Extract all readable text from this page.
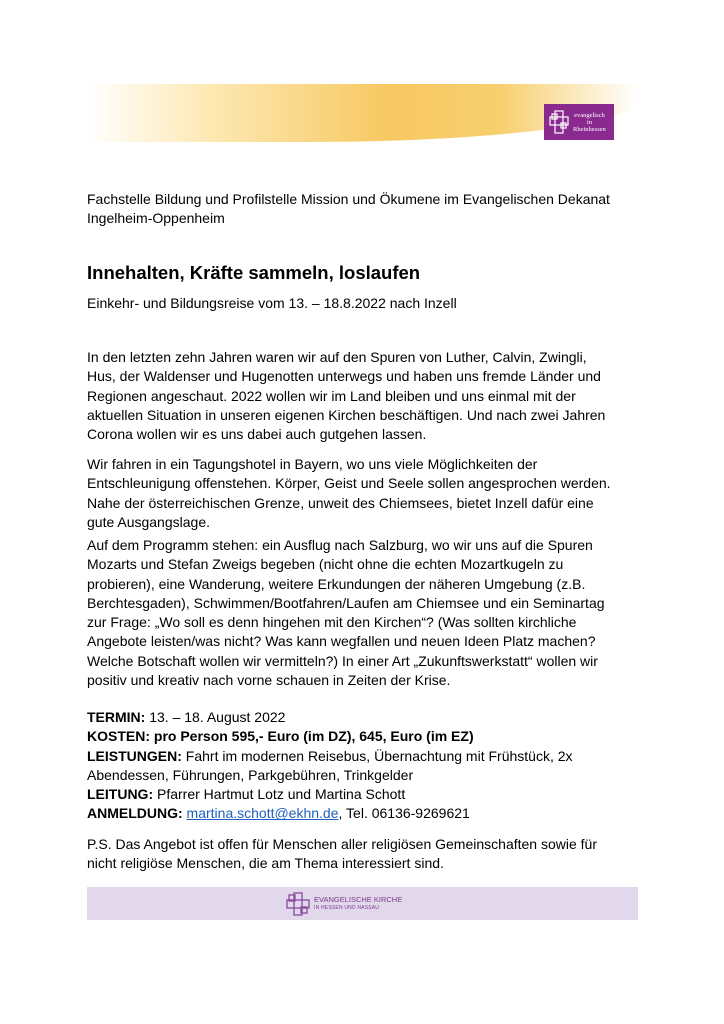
evangelisch
in
Rheinhessen
Fachstelle Bildung und Profilstelle Mission und Ökumene im Evangelischen Dekanat
Ingelheim-Oppenheim
Innehalten, Kräfte sammeln, loslaufen
Einkehr- und Bildungsreise vom 13. – 18.8.2022 nach Inzell
In den letzten zehn Jahren waren wir auf den Spuren von Luther, Calvin, Zwingli,
Hus, der Waldenser und Hugenotten unterwegs und haben uns fremde Länder und
Regionen angeschaut. 2022 wollen wir im Land bleiben und uns einmal mit der
aktuellen Situation in unseren eigenen Kirchen beschäftigen. Und nach zwei Jahren
Corona wollen wir es uns dabei auch gutgehen lassen.
Wir fahren in ein Tagungshotel in Bayern, wo uns viele Möglichkeiten der
Entschleunigung offenstehen. Körper, Geist und Seele sollen angesprochen werden.
Nahe der österreichischen Grenze, unweit des Chiemsees, bietet Inzell dafür eine
gute Ausgangslage.
Auf dem Programm stehen: ein Ausflug nach Salzburg, wo wir uns auf die Spuren
Mozarts und Stefan Zweigs begeben (nicht ohne die echten Mozartkugeln zu
probieren), eine Wanderung, weitere Erkundungen der näheren Umgebung (z.B.
Berchtesgaden), Schwimmen/Bootfahren/Laufen am Chiemsee und ein Seminartag
zur Frage: „Wo soll es denn hingehen mit den Kirchen“? (Was sollten kirchliche
Angebote leisten/was nicht? Was kann wegfallen und neuen Ideen Platz machen?
Welche Botschaft wollen wir vermitteln?) In einer Art „Zukunftswerkstatt“ wollen wir
positiv und kreativ nach vorne schauen in Zeiten der Krise.
TERMIN: 13. – 18. August 2022
KOSTEN: pro Person 595,- Euro (im DZ), 645, Euro (im EZ)
LEISTUNGEN: Fahrt im modernen Reisebus, Übernachtung mit Frühstück, 2x
Abendessen, Führungen, Parkgebühren, Trinkgelder
LEITUNG: Pfarrer Hartmut Lotz und Martina Schott
ANMELDUNG: martina.schott@ekhn.de, Tel. 06136-9269621
P.S. Das Angebot ist offen für Menschen aller religiösen Gemeinschaften sowie für
nicht religiöse Menschen, die am Thema interessiert sind.
EVANGELISCHE KIRCHE
IN HESSEN UND NASSAU
